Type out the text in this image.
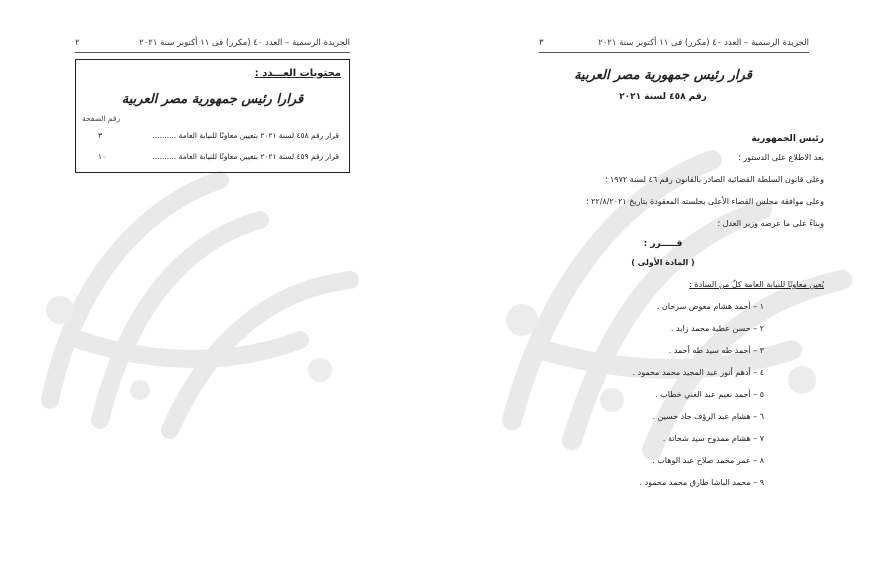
٢	الجريدة الرسمية – العدد ٤٠ (مكرر) فى ١١ أكتوبر سنة ٢٠٢١
محتويات العـــدد :
قرارا رئيس جمهورية مصر العربية
رقم الصفحة
قرار رقم ٤٥٨ لسنة ٢٠٢١ بتعيين معاونًا للنيابة العامة ..........
٣
قرار رقم ٤٥٩ لسنة ٢٠٢١ بتعيين معاونًا للنيابة العامة ..........
١٠
الجريدة الرسمية – العدد ٤٠ (مكرر) فى ١١ أكتوبر سنة ٢٠٢١
٣
قرار رئيس جمهورية مصر العربية
رقم ٤٥٨ لسنة ٢٠٢١
رئيس الجمهورية
بعد الاطلاع على الدستور ؛
وعلى قانون السلطة القضائية الصادر بالقانون رقم ٤٦ لسنة ١٩٧٢ ؛
وعلى موافقة مجلس القضاء الأعلى بجلسته المعقودة بتاريخ ٢٢/٨/٢٠٢١ ؛
وبناءً على ما عرضه وزير العدل ؛
قـــــرر :
( المادة الأولى )
يُعين معاونًا للنيابة العامة كلٌ من السادة :
١ – أحمد هشام معوض سرحان .
٢ – حسن عطية محمد زايد .
٣ – أحمد طه سيد طه أحمد .
٤ – أدهم أنور عبد المجيد محمد محمود .
٥ – أحمد نعيم عبد الغني خطاب .
٦ – هشام عبد الرؤف جاد حسين .
٧ – هشام ممدوح سيد شحاتة .
٨ – عمر محمد صلاح عبد الوهاب .
٩ – محمد الباشا طارق محمد محمود .
